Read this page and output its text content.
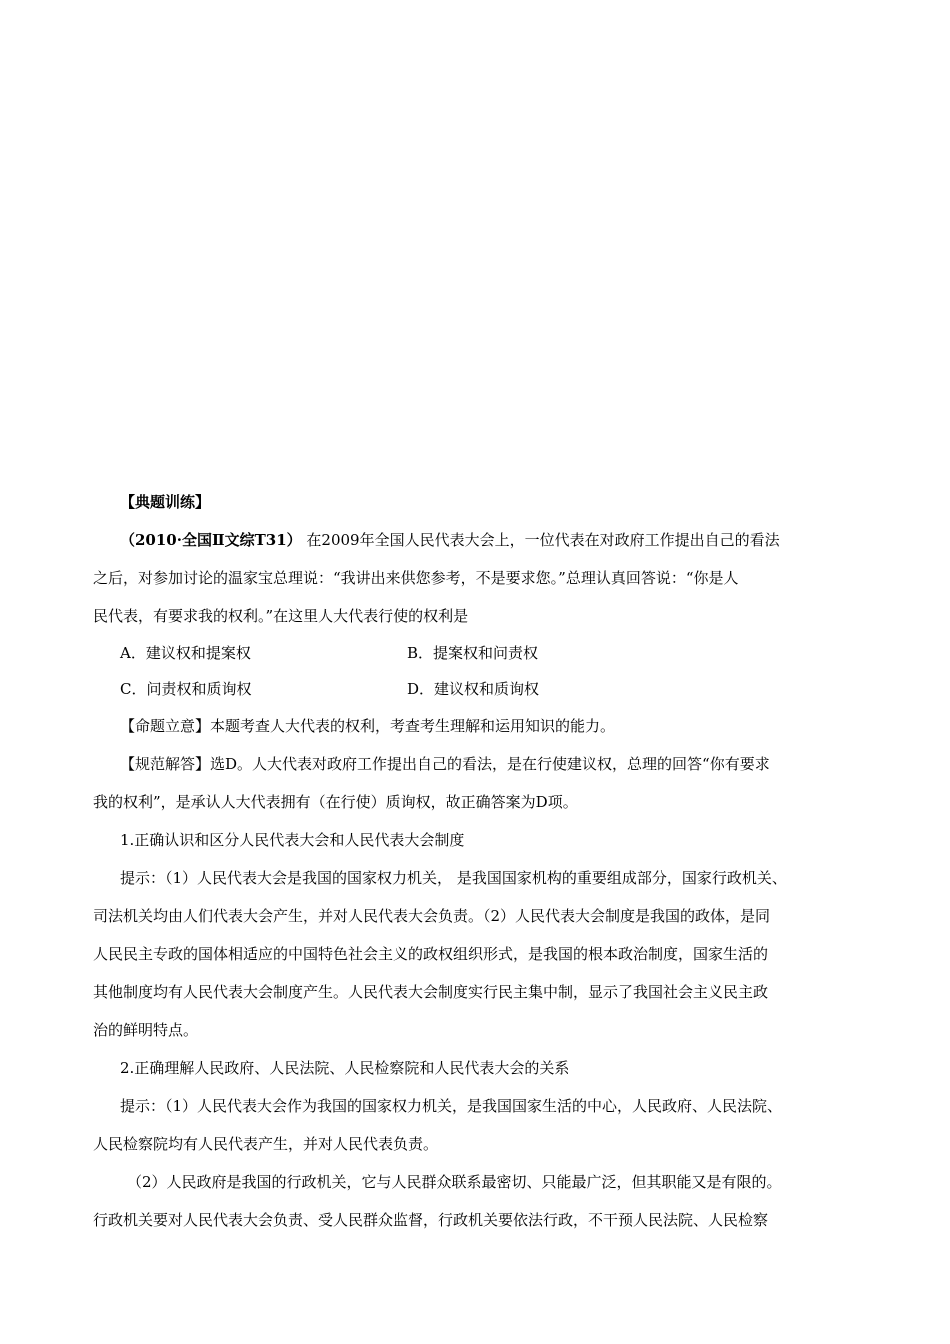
【典题训练】

（2010·全国Ⅱ文综T31） 在2009年全国人民代表大会上，一位代表在对政府工作提出自己的看法
之后，对参加讨论的温家宝总理说：“我讲出来供您参考，不是要求您。”总理认真回答说：“你是人
民代表，有要求我的权利。”在这里人大代表行使的权利是

A．建议权和提案权	B．提案权和问责权
C．问责权和质询权	D．建议权和质询权

【命题立意】本题考查人大代表的权利，考查考生理解和运用知识的能力。

【规范解答】选D。人大代表对政府工作提出自己的看法，是在行使建议权，总理的回答“你有要求
我的权利”，是承认人大代表拥有（在行使）质询权，故正确答案为D项。

1.正确认识和区分人民代表大会和人民代表大会制度

提示：（1）人民代表大会是我国的国家权力机关， 是我国国家机构的重要组成部分，国家行政机关、
司法机关均由人们代表大会产生，并对人民代表大会负责。（2）人民代表大会制度是我国的政体，是同
人民民主专政的国体相适应的中国特色社会主义的政权组织形式，是我国的根本政治制度，国家生活的
其他制度均有人民代表大会制度产生。人民代表大会制度实行民主集中制，显示了我国社会主义民主政
治的鲜明特点。

2.正确理解人民政府、人民法院、人民检察院和人民代表大会的关系

提示：（1）人民代表大会作为我国的国家权力机关，是我国国家生活的中心，人民政府、人民法院、
人民检察院均有人民代表产生，并对人民代表负责。
（2）人民政府是我国的行政机关，它与人民群众联系最密切、只能最广泛，但其职能又是有限的。
行政机关要对人民代表大会负责、受人民群众监督，行政机关要依法行政，不干预人民法院、人民检察
